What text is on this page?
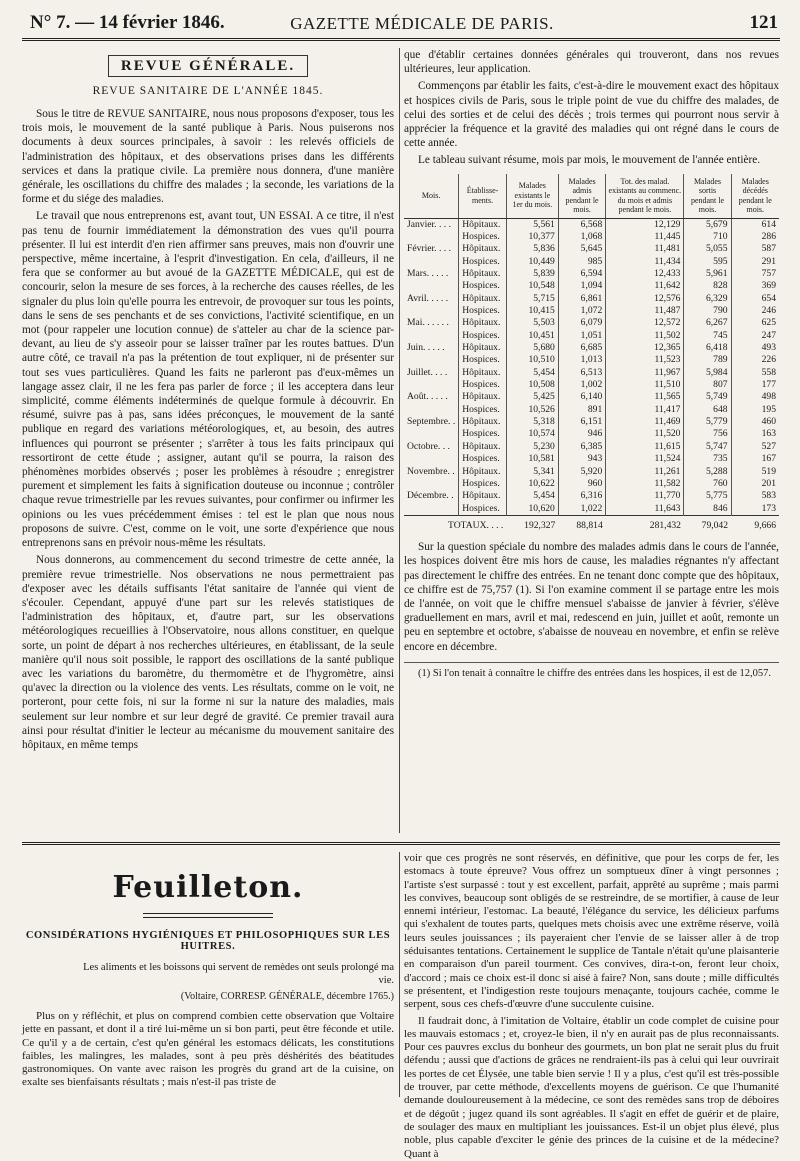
N° 7. — 14 février 1846.	GAZETTE MÉDICALE DE PARIS.	121
REVUE GÉNÉRALE.
REVUE SANITAIRE DE L'ANNÉE 1845.

Sous le titre de REVUE SANITAIRE, nous nous proposons d'exposer, tous les trois mois, le mouvement de la santé publique à Paris. Nous puiserons nos documents à deux sources principales, à savoir : les relevés officiels de l'administration des hôpitaux, et des observations prises dans les différents services et dans la pratique civile. La première nous donnera, d'une manière générale, les oscillations du chiffre des malades ; la seconde, les variations de la forme et du siége des maladies.

Le travail que nous entreprenons est, avant tout, UN ESSAI. A ce titre, il n'est pas tenu de fournir immédiatement la démonstration des vues qu'il pourra présenter. Il lui est interdit d'en rien affirmer sans preuves, mais non d'ouvrir une perspective, même incertaine, à l'esprit d'investigation. En cela, d'ailleurs, il ne fera que se conformer au but avoué de la GAZETTE MÉDICALE, qui est de concourir, selon la mesure de ses forces, à la recherche des causes réelles, de les signaler du plus loin qu'elle pourra les entrevoir, de provoquer sur tous les points, dans le sens de ses penchants et de ses convictions, l'activité scientifique, en un mot (pour rappeler une locution connue) de s'atteler au char de la science par-devant, au lieu de s'y asseoir pour se laisser traîner par les routes battues. D'un autre côté, ce travail n'a pas la prétention de tout expliquer, ni de présenter sur tout ses vues particulières. Quand les faits ne parleront pas d'eux-mêmes un langage assez clair, il ne les fera pas parler de force ; il les acceptera dans leur simplicité, comme éléments indéterminés de quelque formule à découvrir. En résumé, suivre pas à pas, sans idées préconçues, le mouvement de la santé publique en regard des variations météorologiques, et, au besoin, des autres influences qui pourront se présenter ; s'arrêter à tous les faits principaux qui ressortiront de cette étude ; assigner, autant qu'il se pourra, la raison des phénomènes morbides observés ; poser les problèmes à résoudre ; enregistrer purement et simplement les faits à signification douteuse ou inconnue ; contrôler chaque revue trimestrielle par les revues suivantes, pour confirmer ou infirmer les opinions ou les vues précédemment émises : tel est le plan que nous nous proposons de suivre. C'est, comme on le voit, une sorte d'expérience que nous entreprenons sans en prévoir nous-même les résultats.

Nous donnerons, au commencement du second trimestre de cette année, la première revue trimestrielle. Nos observations ne nous permettraient pas d'exposer avec les détails suffisants l'état sanitaire de l'année qui vient de s'écouler. Cependant, appuyé d'une part sur les relevés statistiques de l'administration des hôpitaux, et, d'autre part, sur les observations météorologiques recueillies à l'Observatoire, nous allons constituer, en quelque sorte, un point de départ à nos recherches ultérieures, en établissant, de la seule manière qu'il nous soit possible, le rapport des oscillations de la santé publique avec les variations du baromètre, du thermomètre et de l'hygromètre, ainsi qu'avec la direction ou la violence des vents. Les résultats, comme on le voit, ne porteront, pour cette fois, ni sur la forme ni sur la nature des maladies, mais seulement sur leur nombre et sur leur degré de gravité. Ce premier travail aura ainsi pour résultat d'initier le lecteur au mécanisme du mouvement sanitaire des hôpitaux, en même temps

que d'établir certaines données générales qui trouveront, dans nos revues ultérieures, leur application.

Commençons par établir les faits, c'est-à-dire le mouvement exact des hôpitaux et hospices civils de Paris, sous le triple point de vue du chiffre des malades, de celui des sorties et de celui des décès ; trois termes qui pourront nous servir à apprécier la fréquence et la gravité des maladies qui ont régné dans le cours de cette année.

Le tableau suivant résume, mois par mois, le mouvement de l'année entière.

Mois.	Établisse-ments.	Malades existants le 1er du mois.	Malades admis pendant le mois.	Tot. des malad. existants au commenc. du mois et admis pendant le mois.	Malades sortis pendant le mois.	Malades décédés pendant le mois.
Janvier. . . .	Hôpitaux.	5,561	6,568	12,129	5,679	614
	Hospices.	10,377	1,068	11,445	710	286
Février. . . .	Hôpitaux.	5,836	5,645	11,481	5,055	587
	Hospices.	10,449	985	11,434	595	291
Mars. . . . .	Hôpitaux.	5,839	6,594	12,433	5,961	757
	Hospices.	10,548	1,094	11,642	828	369
Avril. . . . .	Hôpitaux.	5,715	6,861	12,576	6,329	654
	Hospices.	10,415	1,072	11,487	790	246
Mai. . . . . .	Hôpitaux.	5,503	6,079	12,572	6,267	625
	Hospices.	10,451	1,051	11,502	745	247
Juin. . . . .	Hôpitaux.	5,680	6,685	12,365	6,418	493
	Hospices.	10,510	1,013	11,523	789	226
Juillet. . . .	Hôpitaux.	5,454	6,513	11,967	5,984	558
	Hospices.	10,508	1,002	11,510	807	177
Août. . . . .	Hôpitaux.	5,425	6,140	11,565	5,749	498
	Hospices.	10,526	891	11,417	648	195
Septembre. .	Hôpitaux.	5,318	6,151	11,469	5,779	460
	Hospices.	10,574	946	11,520	756	163
Octobre. . .	Hôpitaux.	5,230	6,385	11,615	5,747	527
	Hospices.	10,581	943	11,524	735	167
Novembre. .	Hôpitaux.	5,341	5,920	11,261	5,288	519
	Hospices.	10,622	960	11,582	760	201
Décembre. .	Hôpitaux.	5,454	6,316	11,770	5,775	583
	Hospices.	10,620	1,022	11,643	846	173
TOTAUX. . . .		192,327	88,814	281,432	79,042	9,666

Sur la question spéciale du nombre des malades admis dans le cours de l'année, les hospices doivent être mis hors de cause, les maladies régnantes n'y affectant pas directement le chiffre des entrées. En ne tenant donc compte que des hôpitaux, ce chiffre est de 75,757 (1). Si l'on examine comment il se partage entre les mois de l'année, on voit que le chiffre mensuel s'abaisse de janvier à février, s'élève graduellement en mars, avril et mai, redescend en juin, juillet et août, remonte un peu en septembre et octobre, s'abaisse de nouveau en novembre, et enfin se relève encore en décembre.

(1) Si l'on tenait à connaître le chiffre des entrées dans les hospices, il est de 12,057.
Feuilleton.
CONSIDÉRATIONS HYGIÉNIQUES ET PHILOSOPHIQUES SUR LES HUITRES.
Les aliments et les boissons qui servent de remèdes ont seuls prolongé ma vie.
(Voltaire, CORRESP. GÉNÉRALE, décembre 1765.)

Plus on y réfléchit, et plus on comprend combien cette observation que Voltaire jette en passant, et dont il a tiré lui-même un si bon parti, peut être féconde et utile. Ce qu'il y a de certain, c'est qu'en général les estomacs délicats, les constitutions faibles, les malingres, les malades, sont à peu près déshérités des béatitudes gastronomiques. On vante avec raison les progrès du grand art de la cuisine, on exalte ses bienfaisants résultats ; mais n'est-il pas triste de

voir que ces progrès ne sont réservés, en définitive, que pour les corps de fer, les estomacs à toute épreuve? Vous offrez un somptueux dîner à vingt personnes ; l'artiste s'est surpassé : tout y est excellent, parfait, apprêté au suprême ; mais parmi les convives, beaucoup sont obligés de se restreindre, de se mortifier, à cause de leur ennemi intérieur, l'estomac. La beauté, l'élégance du service, les délicieux parfums qui s'exhalent de toutes parts, quelques mets choisis avec une extrême réserve, voilà leurs seules jouissances ; ils payeraient cher l'envie de se laisser aller à de trop séduisantes tentations. Certainement le supplice de Tantale n'était qu'une plaisanterie en comparaison d'un pareil tourment. Ces convives, dira-t-on, feront leur choix, d'accord ; mais ce choix est-il donc si aisé à faire? Non, sans doute ; mille difficultés se présentent, et l'indigestion reste toujours menaçante, toujours cachée, comme le serpent, sous ces chefs-d'œuvre d'une succulente cuisine.

Il faudrait donc, à l'imitation de Voltaire, établir un code complet de cuisine pour les mauvais estomacs ; et, croyez-le bien, il n'y en aurait pas de plus reconnaissants. Pour ces pauvres exclus du bonheur des gourmets, un bon plat ne serait plus du fruit défendu ; aussi que d'actions de grâces ne rendraient-ils pas à celui qui leur ouvrirait les portes de cet Élysée, une table bien servie ! Il y a plus, c'est qu'il est très-possible de trouver, par cette méthode, d'excellents moyens de guérison. Ce que l'humanité demande douloureusement à la médecine, ce sont des remèdes sans trop de déboires et de dégoût ; jugez quand ils sont agréables. Il s'agit en effet de guérir et de plaire, de soulager des maux en multipliant les jouissances. Est-il un objet plus élevé, plus noble, plus capable d'exciter le génie des princes de la cuisine et de la médecine? Quant à
